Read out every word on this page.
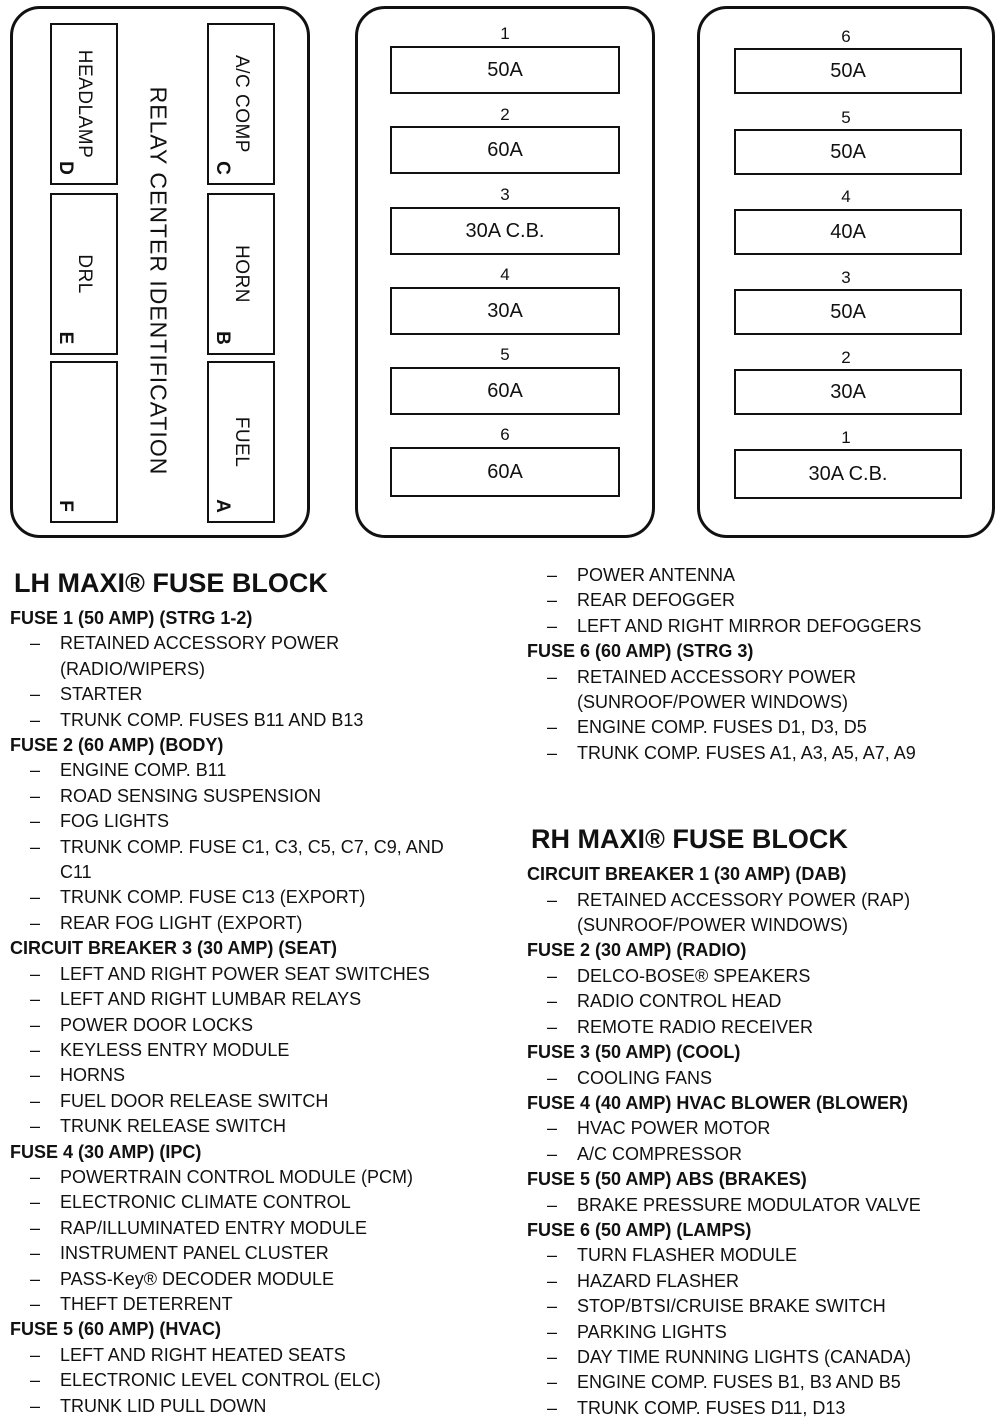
HEADLAMP
D
DRL
E
F
RELAY CENTER IDENTIFICATION	A/C COMP
C
HORN
B
FUEL
A
1
50A
2
60A
3
30A C.B.
4
30A
5
60A
6
60A
6
50A
5
50A
4
40A
3
50A
2
30A
1
30A C.B.
LH MAXI® FUSE BLOCK
FUSE 1 (50 AMP) (STRG 1-2)
– RETAINED ACCESSORY POWER
(RADIO/WIPERS)
– STARTER
– TRUNK COMP. FUSES B11 AND B13
FUSE 2 (60 AMP) (BODY)
– ENGINE COMP. B11
– ROAD SENSING SUSPENSION
– FOG LIGHTS
– TRUNK COMP. FUSE C1, C3, C5, C7, C9, AND
C11
– TRUNK COMP. FUSE C13 (EXPORT)
– REAR FOG LIGHT (EXPORT)
CIRCUIT BREAKER 3 (30 AMP) (SEAT)
– LEFT AND RIGHT POWER SEAT SWITCHES
– LEFT AND RIGHT LUMBAR RELAYS
– POWER DOOR LOCKS
– KEYLESS ENTRY MODULE
– HORNS
– FUEL DOOR RELEASE SWITCH
– TRUNK RELEASE SWITCH
FUSE 4 (30 AMP) (IPC)
– POWERTRAIN CONTROL MODULE (PCM)
– ELECTRONIC CLIMATE CONTROL
– RAP/ILLUMINATED ENTRY MODULE
– INSTRUMENT PANEL CLUSTER
– PASS-Key® DECODER MODULE
– THEFT DETERRENT
FUSE 5 (60 AMP) (HVAC)
– LEFT AND RIGHT HEATED SEATS
– ELECTRONIC LEVEL CONTROL (ELC)
– TRUNK LID PULL DOWN
– POWER ANTENNA
– REAR DEFOGGER
– LEFT AND RIGHT MIRROR DEFOGGERS
FUSE 6 (60 AMP) (STRG 3)
– RETAINED ACCESSORY POWER
(SUNROOF/POWER WINDOWS)
– ENGINE COMP. FUSES D1, D3, D5
– TRUNK COMP. FUSES A1, A3, A5, A7, A9
RH MAXI® FUSE BLOCK
CIRCUIT BREAKER 1 (30 AMP) (DAB)
– RETAINED ACCESSORY POWER (RAP)
(SUNROOF/POWER WINDOWS)
FUSE 2 (30 AMP) (RADIO)
– DELCO-BOSE® SPEAKERS
– RADIO CONTROL HEAD
– REMOTE RADIO RECEIVER
FUSE 3 (50 AMP) (COOL)
– COOLING FANS
FUSE 4 (40 AMP) HVAC BLOWER (BLOWER)
– HVAC POWER MOTOR
– A/C COMPRESSOR
FUSE 5 (50 AMP) ABS (BRAKES)
– BRAKE PRESSURE MODULATOR VALVE
FUSE 6 (50 AMP) (LAMPS)
– TURN FLASHER MODULE
– HAZARD FLASHER
– STOP/BTSI/CRUISE BRAKE SWITCH
– PARKING LIGHTS
– DAY TIME RUNNING LIGHTS (CANADA)
– ENGINE COMP. FUSES B1, B3 AND B5
– TRUNK COMP. FUSES D11, D13
